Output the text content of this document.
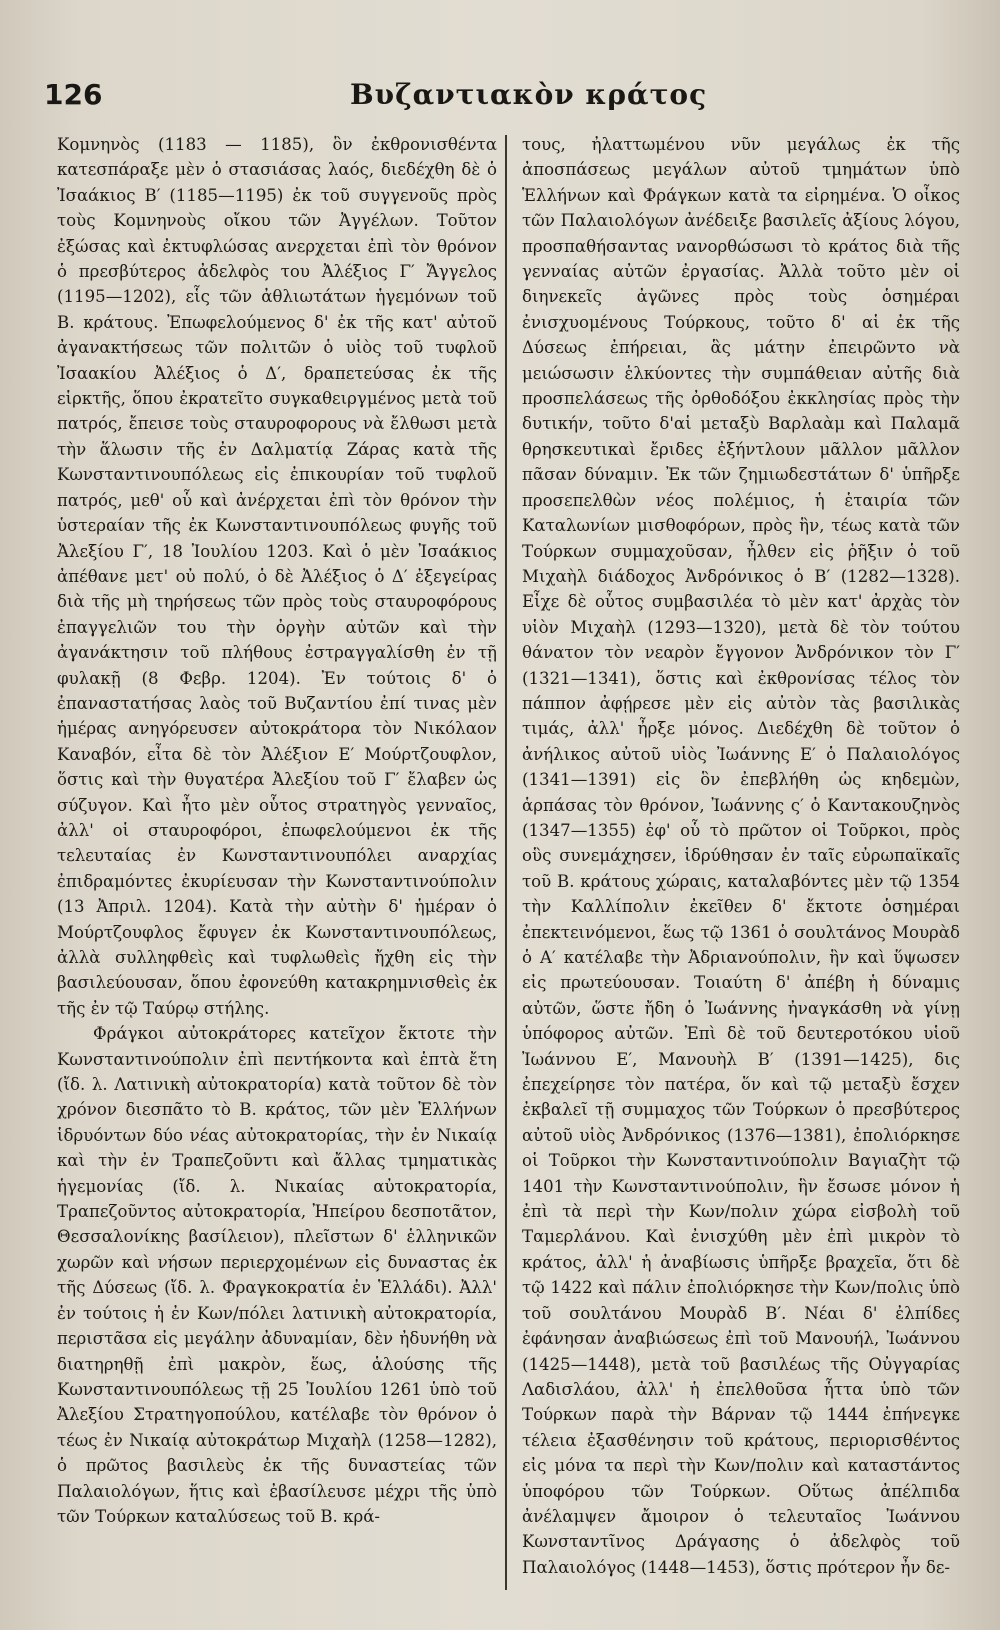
126	Βυζαντιακὸν κράτος

Κομνηνὸς (1183 — 1185), ὃν ἐκθρονισθέντα κατεσπάραξε μὲν ὁ στασιάσας λαός, διεδέχθη δὲ ὁ Ἰσαάκιος Β′ (1185—1195) ἐκ τοῦ συγγενοῦς πρὸς τοὺς Κομνηνοὺς οἴκου τῶν Ἀγγέλων. Τοῦτον ἐξώσας καὶ ἐκτυφλώσας ανερχεται ἐπὶ τὸν θρόνον ὁ πρεσβύτερος ἀδελφὸς του Ἀλέξιος Γ′ Ἄγγελος (1195—1202), εἷς τῶν ἀθλιωτάτων ἡγεμόνων τοῦ Β. κράτους. Ἐπωφελούμενος δ' ἐκ τῆς κατ' αὐτοῦ ἀγανακτήσεως τῶν πολιτῶν ὁ υἱὸς τοῦ τυφλοῦ Ἰσαακίου Ἀλέξιος ὁ Δ′, δραπετεύσας ἐκ τῆς εἱρκτῆς, ὅπου ἐκρατεῖτο συγκαθειργμένος μετὰ τοῦ πατρός, ἔπεισε τοὺς σταυροφορους νὰ ἔλθωσι μετὰ τὴν ἅλωσιν τῆς ἐν Δαλματίᾳ Ζάρας κατὰ τῆς Κωνσταντινουπόλεως εἰς ἐπικουρίαν τοῦ τυφλοῦ πατρός, μεθ' οὗ καὶ ἀνέρχεται ἐπὶ τὸν θρόνον τὴν ὑστεραίαν τῆς ἐκ Κωνσταντινουπόλεως φυγῆς τοῦ Ἀλεξίου Γ′, 18 Ἰουλίου 1203. Καὶ ὁ μὲν Ἰσαάκιος ἀπέθανε μετ' οὐ πολύ, ὁ δὲ Ἀλέξιος ὁ Δ′ ἐξεγείρας διὰ τῆς μὴ τηρήσεως τῶν πρὸς τοὺς σταυροφόρους ἐπαγγελιῶν του τὴν ὀργὴν αὐτῶν καὶ τὴν ἀγανάκτησιν τοῦ πλήθους ἐστραγγαλίσθη ἐν τῇ φυλακῇ (8 Φεβρ. 1204). Ἐν τούτοις δ' ὁ ἐπαναστατήσας λαὸς τοῦ Βυζαντίου ἐπί τινας μὲν ἡμέρας ανηγόρευσεν αὐτοκράτορα τὸν Νικόλαον Καναβόν, εἶτα δὲ τὸν Ἀλέξιον Ε′ Μούρτζουφλον, ὅστις καὶ τὴν θυγατέρα Ἀλεξίου τοῦ Γ′ ἔλαβεν ὡς σύζυγον. Καὶ ἦτο μὲν οὗτος στρατηγὸς γενναῖος, ἀλλ' οἱ σταυροφόροι, ἐπωφελούμενοι ἐκ τῆς τελευταίας ἐν Κωνσταντινουπόλει αναρχίας ἐπιδραμόντες ἐκυρίευσαν τὴν Κωνσταντινούπολιν (13 Ἀπριλ. 1204). Κατὰ τὴν αὐτὴν δ' ἡμέραν ὁ Μούρτζουφλος ἔφυγεν ἐκ Κωνσταντινουπόλεως, ἀλλὰ συλληφθεὶς καὶ τυφλωθεὶς ἤχθη εἰς τὴν βασιλεύουσαν, ὅπου ἐφονεύθη κατακρημνισθεὶς ἐκ τῆς ἐν τῷ Ταύρῳ στήλης.

Φράγκοι αὐτοκράτορες κατεῖχον ἔκτοτε τὴν Κωνσταντινούπολιν ἐπὶ πεντήκοντα καὶ ἑπτὰ ἔτη (ἴδ. λ. Λατινικὴ αὐτοκρατορία) κατὰ τοῦτον δὲ τὸν χρόνον διεσπᾶτο τὸ Β. κράτος, τῶν μὲν Ἑλλήνων ἱδρυόντων δύο νέας αὐτοκρατορίας, τὴν ἐν Νικαίᾳ καὶ τὴν ἐν Τραπεζοῦντι καὶ ἄλλας τμηματικὰς ἡγεμονίας (ἴδ. λ. Νικαίας αὐτοκρατορία, Τραπεζοῦντος αὐτοκρατορία, Ἠπείρου δεσποτᾶτον, Θεσσαλονίκης βασίλειον), πλεῖστων δ' ἑλληνικῶν χωρῶν καὶ νήσων περιερχομένων εἰς δυναστας ἐκ τῆς Δύσεως (ἴδ. λ. Φραγκοκρατία ἐν Ἑλλάδι). Ἀλλ' ἐν τούτοις ἡ ἐν Κων/πόλει λατινικὴ αὐτοκρατορία, περιστᾶσα εἰς μεγάλην ἀδυναμίαν, δὲν ἠδυνήθη νὰ διατηρηθῇ ἐπὶ μακρὸν, ἕως, ἁλούσης τῆς Κωνσταντινουπόλεως τῇ 25 Ἰουλίου 1261 ὑπὸ τοῦ Ἀλεξίου Στρατηγοπούλου, κατέλαβε τὸν θρόνον ὁ τέως ἐν Νικαίᾳ αὐτοκράτωρ Μιχαὴλ (1258—1282), ὁ πρῶτος βασιλεὺς ἐκ τῆς δυναστείας τῶν Παλαιολόγων, ἥτις καὶ ἐβασίλευσε μέχρι τῆς ὑπὸ τῶν Τούρκων καταλύσεως τοῦ Β. κρά-

τους, ἠλαττωμένου νῦν μεγάλως ἐκ τῆς ἀποσπάσεως μεγάλων αὐτοῦ τμημάτων ὑπὸ Ἑλλήνων καὶ Φράγκων κατὰ τα εἰρημένα. Ὁ οἶκος τῶν Παλαιολόγων ἀνέδειξε βασιλεῖς ἀξίους λόγου, προσπαθήσαντας νανορθώσωσι τὸ κράτος διὰ τῆς γενναίας αὐτῶν ἐργασίας. Ἀλλὰ τοῦτο μὲν οἱ διηνεκεῖς ἀγῶνες πρὸς τοὺς ὁσημέραι ἐνισχυομένους Τούρκους, τοῦτο δ' αἱ ἐκ τῆς Δύσεως ἐπήρειαι, ἃς μάτην ἐπειρῶντο νὰ μειώσωσιν ἑλκύοντες τὴν συμπάθειαν αὐτῆς διὰ προσπελάσεως τῆς ὀρθοδόξου ἐκκλησίας πρὸς τὴν δυτικήν, τοῦτο δ'αἱ μεταξὺ Βαρλαὰμ καὶ Παλαμᾶ θρησκευτικαὶ ἔριδες ἐξήντλουν μᾶλλον μᾶλλον πᾶσαν δύναμιν. Ἐκ τῶν ζημιωδεστάτων δ' ὑπῆρξε προσεπελθὼν νέος πολέμιος, ἡ ἑταιρία τῶν Καταλωνίων μισθοφόρων, πρὸς ἣν, τέως κατὰ τῶν Τούρκων συμμαχοῦσαν, ἦλθεν εἰς ῥῆξιν ὁ τοῦ Μιχαὴλ διάδοχος Ἀνδρόνικος ὁ Β′ (1282—1328). Εἶχε δὲ οὗτος συμβασιλέα τὸ μὲν κατ' ἀρχὰς τὸν υἱὸν Μιχαὴλ (1293—1320), μετὰ δὲ τὸν τούτου θάνατον τὸν νεαρὸν ἔγγονον Ἀνδρόνικον τὸν Γ′ (1321—1341), ὅστις καὶ ἐκθρονίσας τέλος τὸν πάππον ἀφῄρεσε μὲν εἰς αὐτὸν τὰς βασιλικὰς τιμάς, ἀλλ' ἦρξε μόνος. Διεδέχθη δὲ τοῦτον ὁ ἀνήλικος αὐτοῦ υἱὸς Ἰωάννης Ε′ ὁ Παλαιολόγος (1341—1391) εἰς ὃν ἐπεβλήθη ὡς κηδεμὼν, ἁρπάσας τὸν θρόνον, Ἰωάννης ς′ ὁ Καντακουζηνὸς (1347—1355) ἐφ' οὗ τὸ πρῶτον οἱ Τοῦρκοι, πρὸς οὓς συνεμάχησεν, ἱδρύθησαν ἐν ταῖς εὐρωπαϊκαῖς τοῦ Β. κράτους χώραις, καταλαβόντες μὲν τῷ 1354 τὴν Καλλίπολιν ἐκεῖθεν δ' ἔκτοτε ὁσημέραι ἐπεκτεινόμενοι, ἕως τῷ 1361 ὁ σουλτάνος Μουρὰδ ὁ Α′ κατέλαβε τὴν Ἀδριανούπολιν, ἣν καὶ ὕψωσεν εἰς πρωτεύουσαν. Τοιαύτη δ' ἀπέβη ἡ δύναμις αὐτῶν, ὥστε ἤδη ὁ Ἰωάννης ἠναγκάσθη νὰ γίνῃ ὑπόφορος αὐτῶν. Ἐπὶ δὲ τοῦ δευτεροτόκου υἱοῦ Ἰωάννου Ε′, Μανουὴλ Β′ (1391—1425), δις ἐπεχείρησε τὸν πατέρα, ὅν καὶ τῷ μεταξὺ ἔσχεν ἐκβαλεῖ τῇ συμμαχος τῶν Τούρκων ὁ πρεσβύτερος αὐτοῦ υἱὸς Ἀνδρόνικος (1376—1381), ἐπολιόρκησε οἱ Τοῦρκοι τὴν Κωνσταντινούπολιν Βαγιαζὴτ τῷ 1401 τὴν Κωνσταντινούπολιν, ἣν ἔσωσε μόνον ἡ ἐπὶ τὰ περὶ τὴν Κων/πολιν χώρα εἰσβολὴ τοῦ Ταμερλάνου. Καὶ ἐνισχύθη μὲν ἐπὶ μικρὸν τὸ κράτος, ἀλλ' ἡ ἀναβίωσις ὑπῆρξε βραχεῖα, ὅτι δὲ τῷ 1422 καὶ πάλιν ἐπολιόρκησε τὴν Κων/πολις ὑπὸ τοῦ σουλτάνου Μουρὰδ Β′. Νέαι δ' ἐλπίδες ἐφάνησαν ἀναβιώσεως ἐπὶ τοῦ Μανουήλ, Ἰωάννου (1425—1448), μετὰ τοῦ βασιλέως τῆς Οὐγγαρίας Λαδισλάου, ἀλλ' ἡ ἐπελθοῦσα ἧττα ὑπὸ τῶν Τούρκων παρὰ τὴν Βάρναν τῷ 1444 ἐπήνεγκε τέλεια ἐξασθένησιν τοῦ κράτους, περιορισθέντος εἰς μόνα τα περὶ τὴν Κων/πολιν καὶ καταστάντος ὑποφόρου τῶν Τούρκων. Οὕτως ἀπέλπιδα ἀνέλαμψεν ἄμοιρον ὁ τελευταῖος Ἰωάννου Κωνσταντῖνος Δράγασης ὁ ἀδελφὸς τοῦ Παλαιολόγος (1448—1453), ὅστις πρότερον ἦν δε-
